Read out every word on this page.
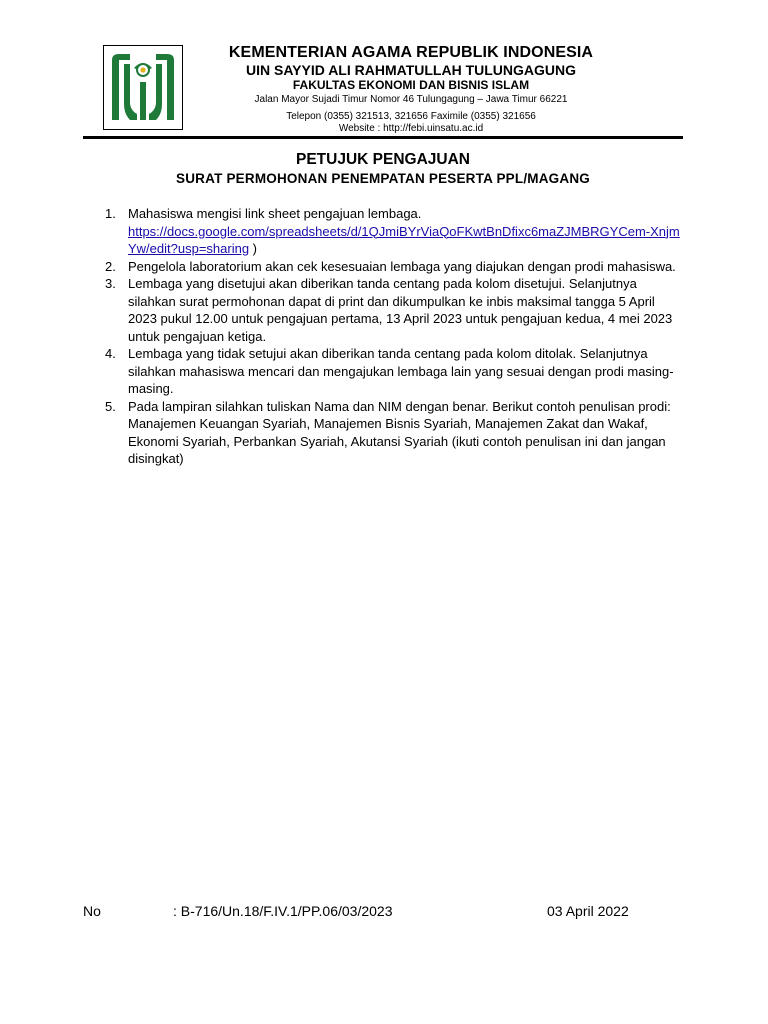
KEMENTERIAN AGAMA REPUBLIK INDONESIA
UIN SAYYID ALI RAHMATULLAH TULUNGAGUNG
FAKULTAS EKONOMI DAN BISNIS ISLAM
Jalan Mayor Sujadi Timur Nomor 46 Tulungagung – Jawa Timur 66221
Telepon (0355) 321513, 321656 Faximile (0355) 321656
Website : http://febi.uinsatu.ac.id
PETUJUK PENGAJUAN
SURAT PERMOHONAN PENEMPATAN PESERTA PPL/MAGANG
1. Mahasiswa mengisi link sheet pengajuan lembaga.
https://docs.google.com/spreadsheets/d/1QJmiBYrViaQoFKwtBnDfixc6maZJMBRGYCem-XnjmYw/edit?usp=sharing )
2. Pengelola laboratorium akan cek kesesuaian lembaga yang diajukan dengan prodi mahasiswa.
3. Lembaga yang disetujui akan diberikan tanda centang pada kolom disetujui. Selanjutnya silahkan surat permohonan dapat di print dan dikumpulkan ke inbis maksimal tangga 5 April 2023 pukul 12.00 untuk pengajuan pertama, 13 April 2023 untuk pengajuan kedua, 4 mei 2023 untuk pengajuan ketiga.
4. Lembaga yang tidak setujui akan diberikan tanda centang pada kolom ditolak. Selanjutnya silahkan mahasiswa mencari dan mengajukan lembaga lain yang sesuai dengan prodi masing-masing.
5. Pada lampiran silahkan tuliskan Nama dan NIM dengan benar. Berikut contoh penulisan prodi: Manajemen Keuangan Syariah, Manajemen Bisnis Syariah, Manajemen Zakat dan Wakaf, Ekonomi Syariah, Perbankan Syariah, Akutansi Syariah (ikuti contoh penulisan ini dan jangan disingkat)
No	: B-716/Un.18/F.IV.1/PP.06/03/2023	03 April 2022
